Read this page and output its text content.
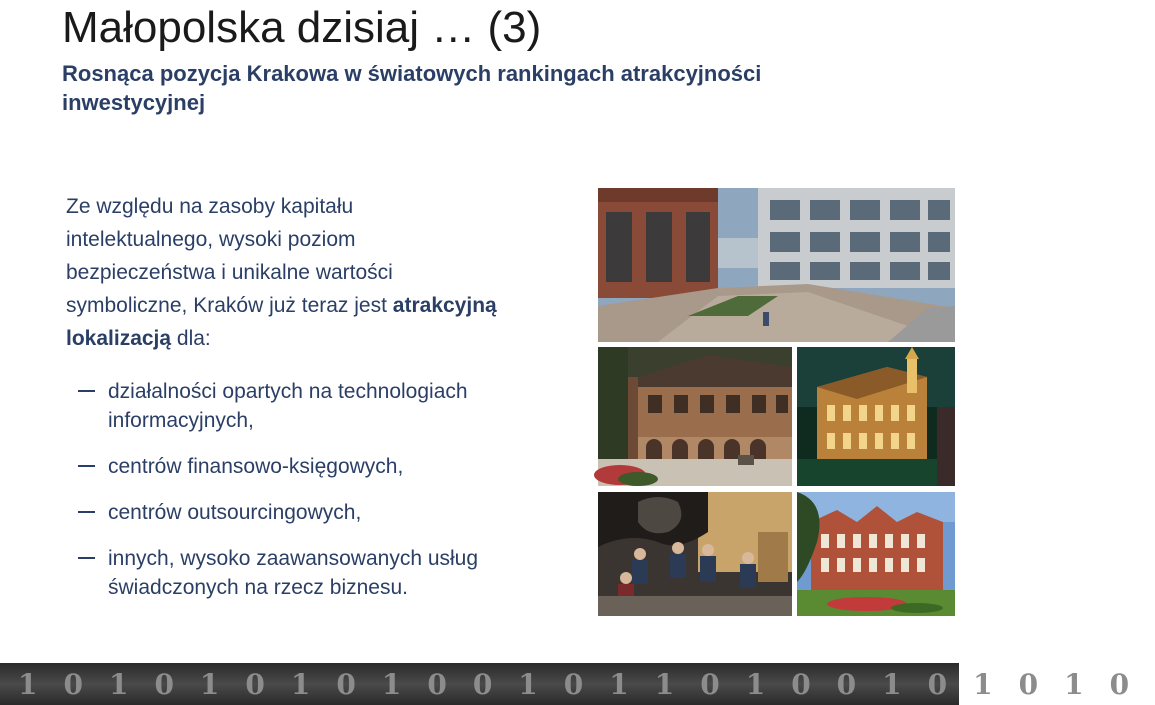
Małopolska dzisiaj … (3)
Rosnąca pozycja Krakowa w światowych rankingach atrakcyjności inwestycyjnej
Ze względu na zasoby kapitału intelektualnego, wysoki poziom bezpieczeństwa i unikalne wartości symboliczne, Kraków już teraz jest atrakcyjną lokalizacją dla:
działalności opartych na technologiach informacyjnych,
centrów finansowo-księgowych,
centrów outsourcingowych,
innych, wysoko zaawansowanych usług świadczonych na rzecz biznesu.
1010101010010110100101010
